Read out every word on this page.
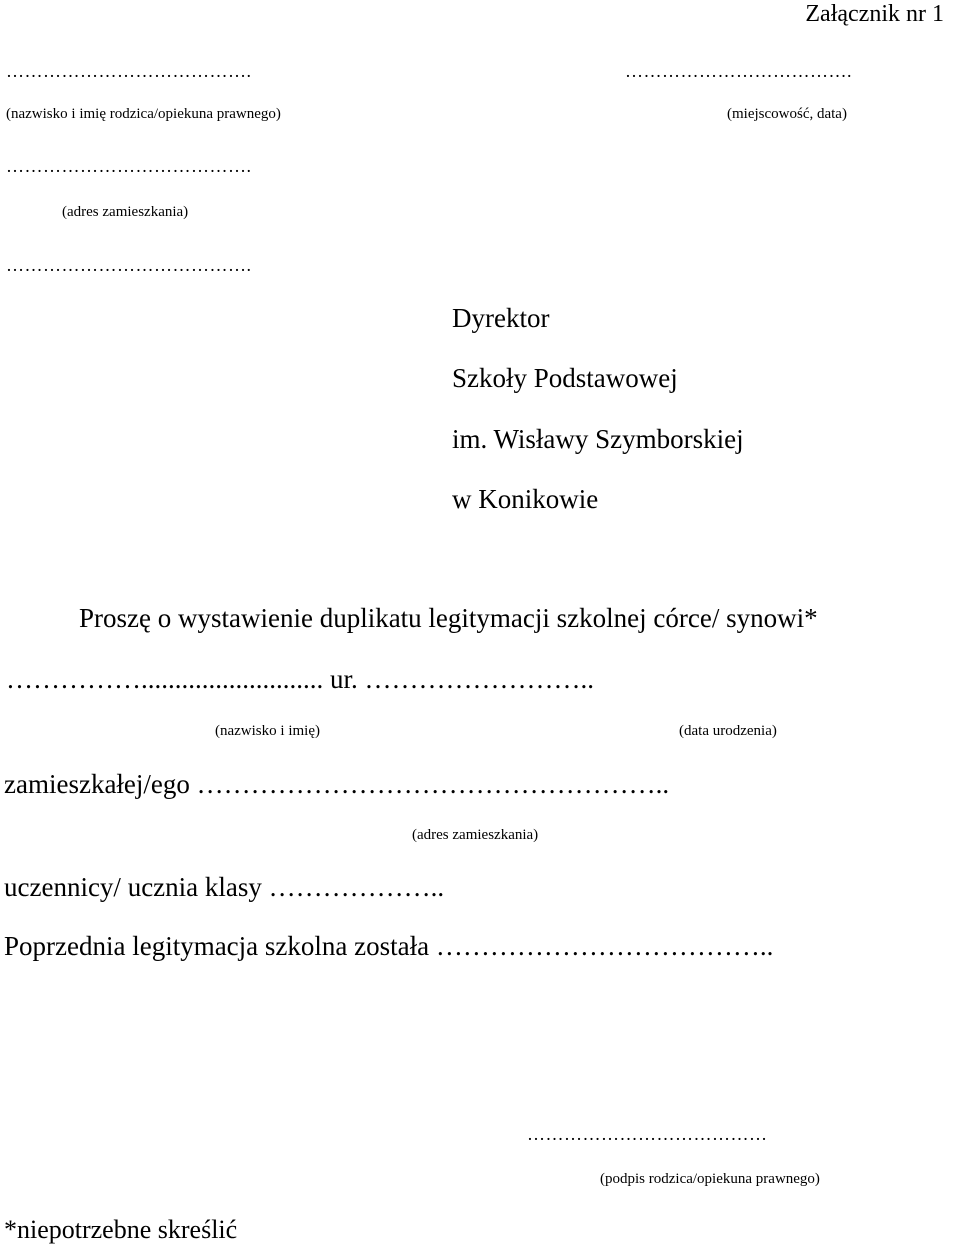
Załącznik nr 1
………………………………….
(nazwisko i imię rodzica/opiekuna prawnego)
……………………………….
(miejscowość, data)
………………………………….
(adres zamieszkania)
………………………………….
Dyrektor
Szkoły Podstawowej
im. Wisławy Szymborskiej
w Konikowie
Proszę o wystawienie duplikatu legitymacji szkolnej córce/ synowi*
……………........................... ur. ……………………..
(nazwisko i imię)	(data urodzenia)
zamieszkałej/ego ……………………………………………..
(adres zamieszkania)
uczennicy/ ucznia klasy ………………..
Poprzednia legitymacja szkolna została ………………………………..
…………………………………
(podpis rodzica/opiekuna prawnego)
*niepotrzebne skreślić
